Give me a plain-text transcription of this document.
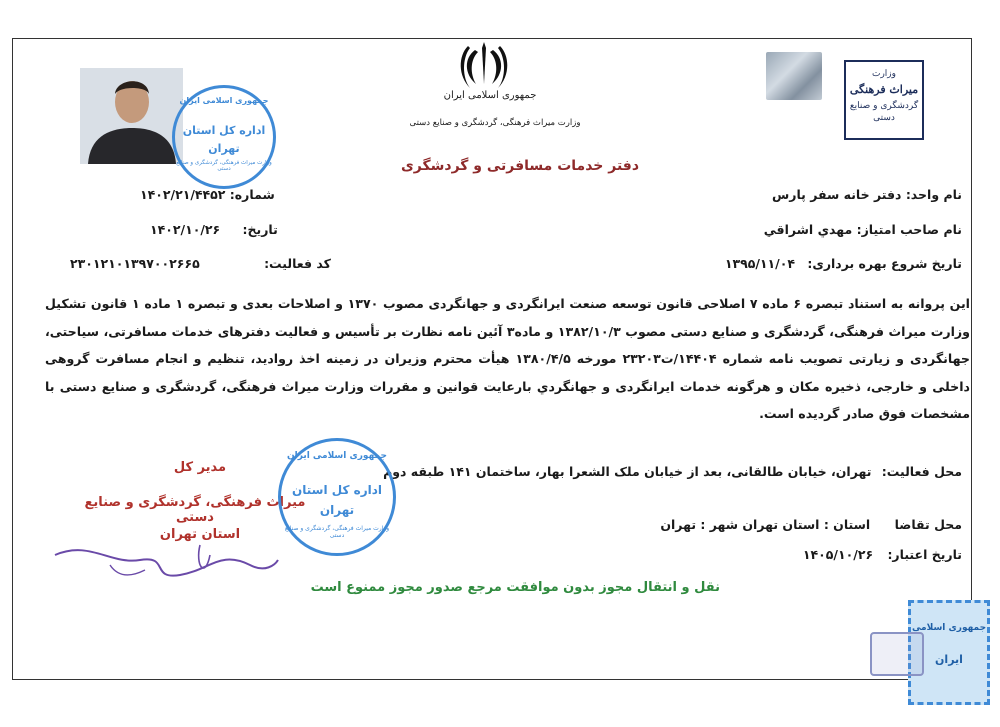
جمهوری اسلامی ایران
وزارت میراث فرهنگی، گردشگری و صنایع دستی
وزارت
میراث فرهنگی
گردشگری و صنایع دستی
دفتر خدمات مسافرتی و گردشگری
نام واحد: دفتر خانه سفر پارس
نام صاحب امتیاز: مهدي اشراقي
تاریخ شروع بهره برداری: ۱۳۹۵/۱۱/۰۴
شماره: ۱۴۰۲/۲۱/۴۴۵۲
تاریخ: ۱۴۰۲/۱۰/۲۶
کد فعالیت: ۲۳۰۱۲۱۰۱۳۹۷۰۰۲۶۶۵
جمهوری اسلامی ایران
اداره کل استان
تهران
وزارت میراث فرهنگی، گردشگری و صنایع دستی
این پروانه به استناد تبصره ۶ ماده ۷ اصلاحی قانون توسعه صنعت ایرانگردی و جهانگردی مصوب ۱۳۷۰ و اصلاحات بعدی و تبصره ۱ ماده ۱ قانون تشکیل وزارت میراث فرهنگی، گردشگری و صنایع دستی مصوب ۱۳۸۲/۱۰/۳ و ماده۳ آئین نامه نظارت بر تأسیس و فعالیت دفترهای خدمات مسافرتی، سیاحتی، جهانگردی و زیارتی تصویب نامه شماره ۱۴۴۰۴/ت۲۳۲۰۳ مورخه ۱۳۸۰/۴/۵ هیأت محترم وزیران در زمینه اخذ روادید، تنظیم و انجام مسافرت گروهی داخلی و خارجی، ذخیره مکان و هرگونه خدمات ایرانگردی و جهانگردي بارعایت قوانین و مقررات وزارت میراث فرهنگی، گردشگری و صنایع دستی با مشخصات فوق صادر گردیده است.
محل فعالیت: تهران، خیابان طالقانی، بعد از خیابان ملک الشعرا بهار، ساختمان ۱۴۱ طبقه دوم
محل تقاضا استان : استان تهران شهر : تهران
تاریخ اعتبار: ۱۴۰۵/۱۰/۲۶
مدیر کل
میراث فرهنگی، گردشگری و صنایع دستی
استان تهران
جمهوری اسلامی ایران
اداره کل استان
تهران
وزارت میراث فرهنگی، گردشگری و صنایع دستی
نقل و انتقال مجوز بدون موافقت مرجع صدور مجوز ممنوع است
جمهوری اسلامی
ایران
